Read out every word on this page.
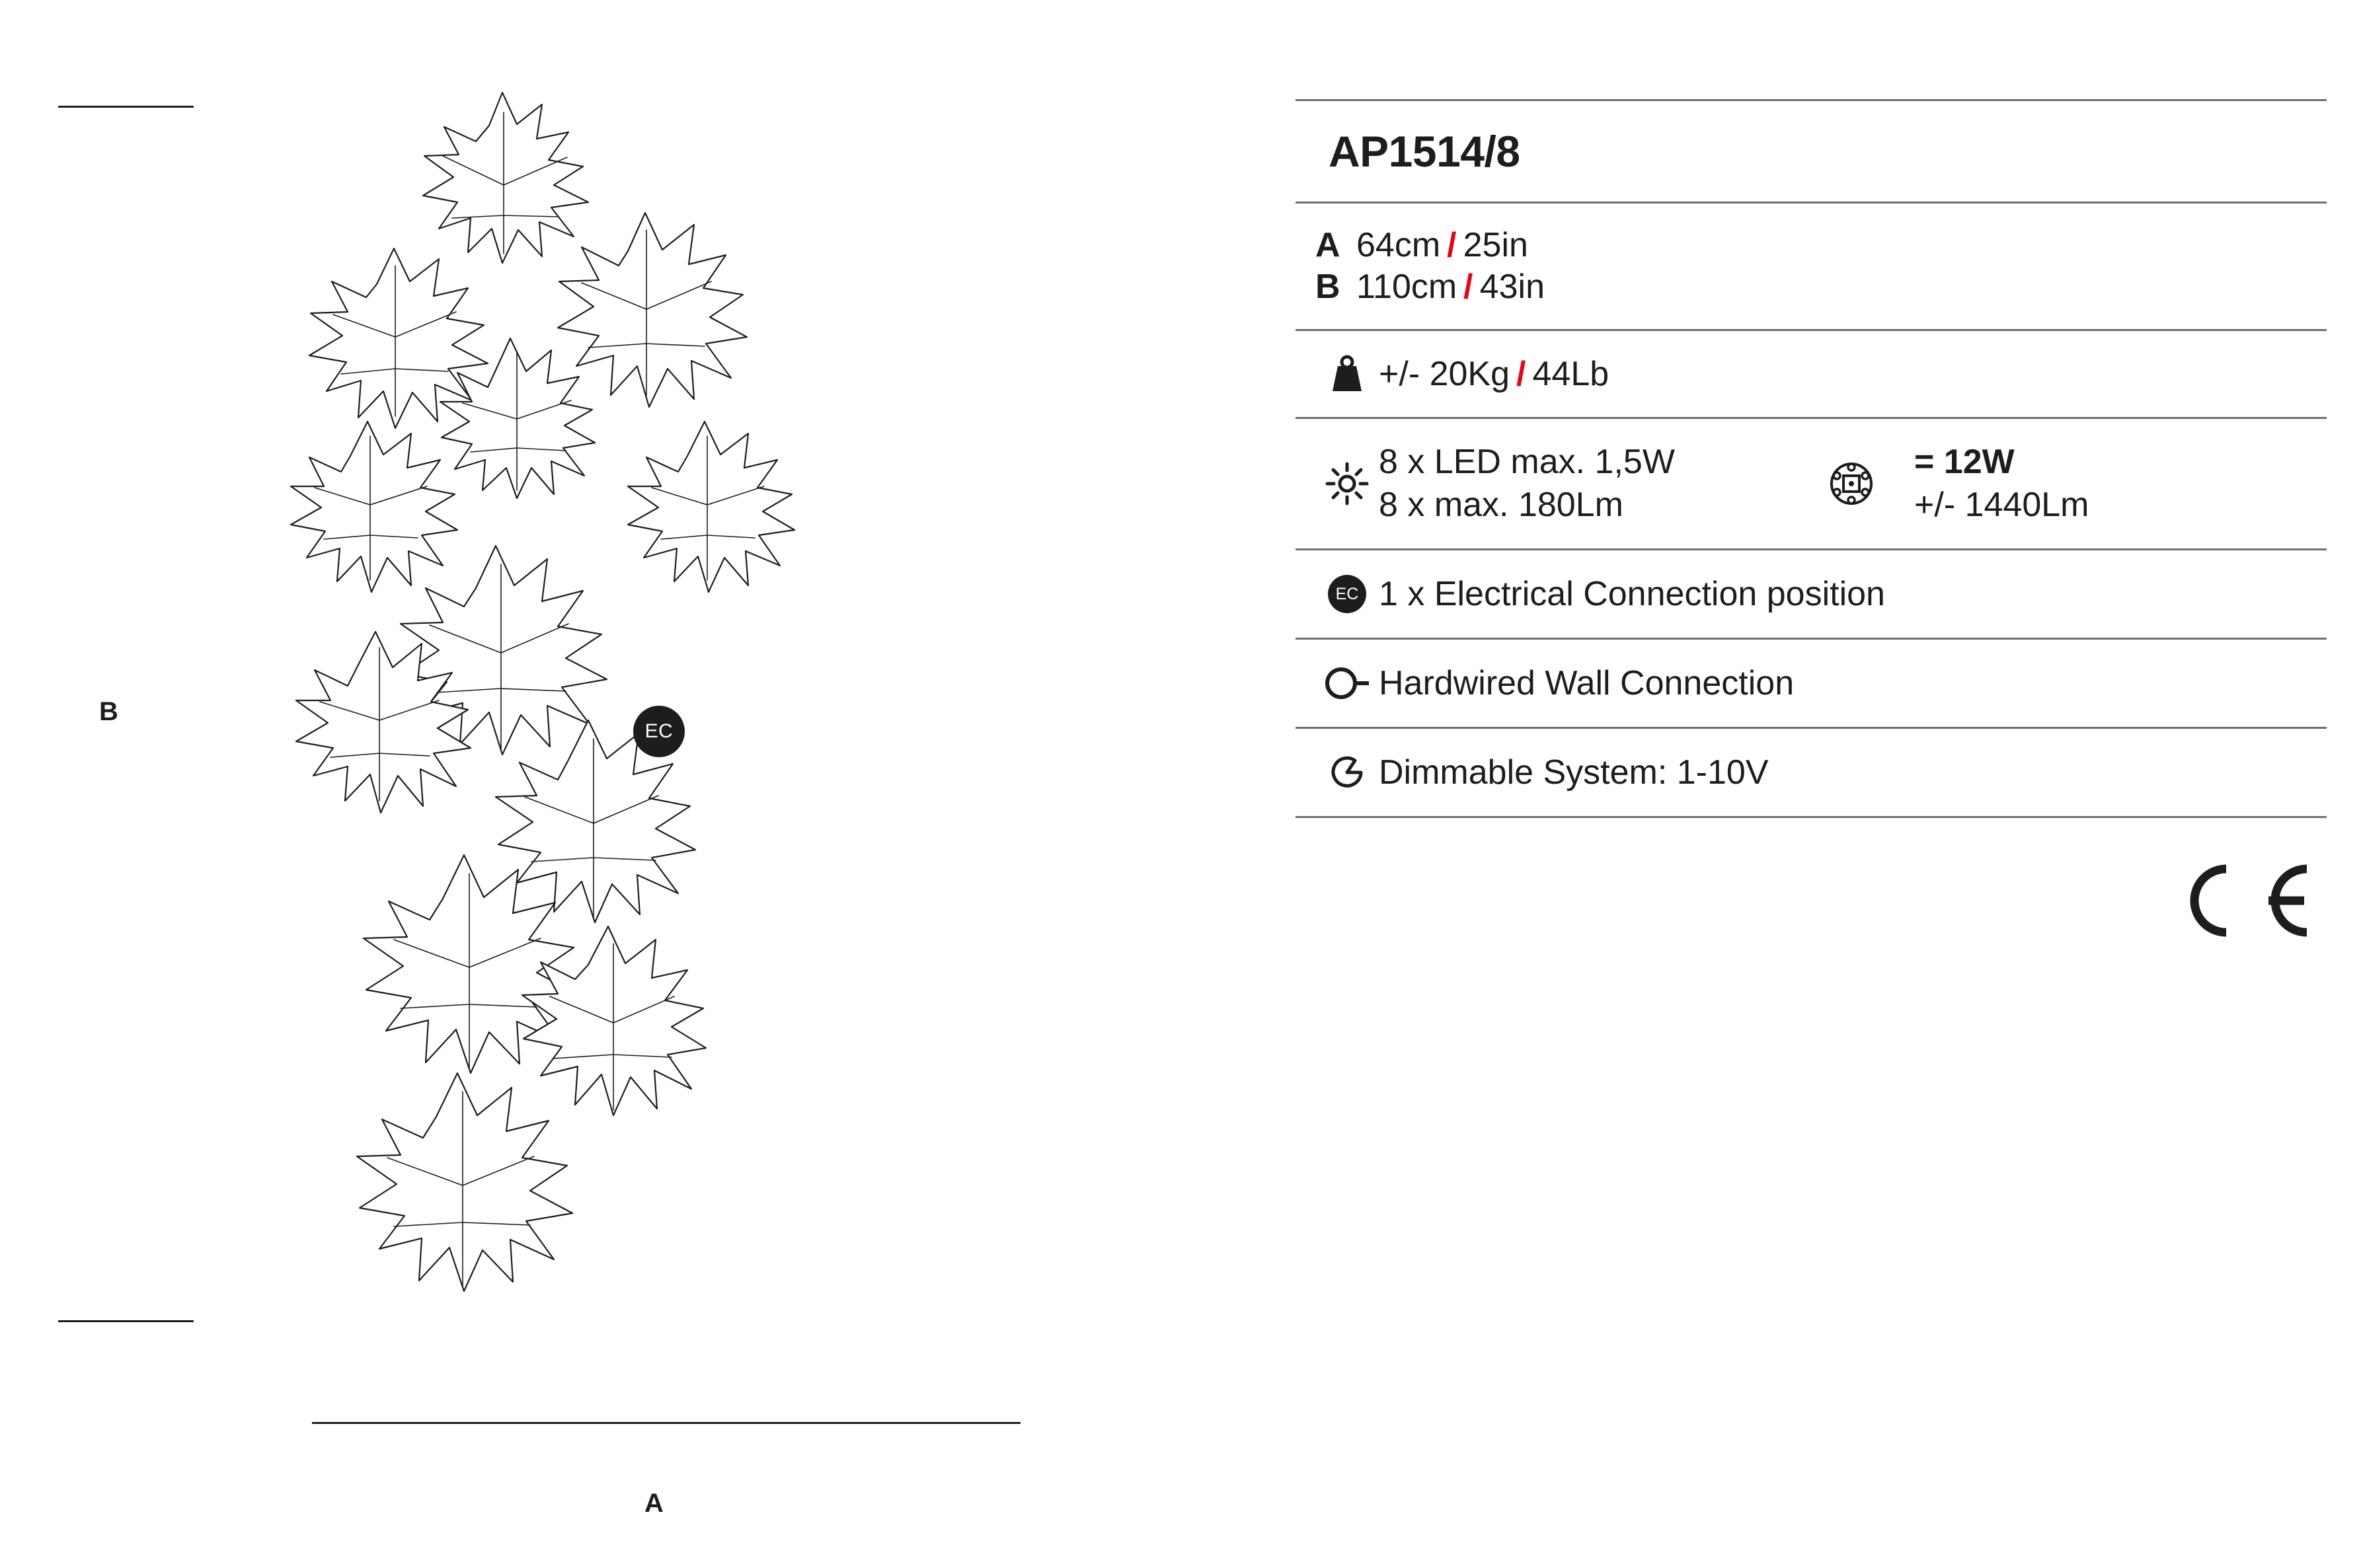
B
A
EC
AP1514/8
A 64cm \ 25in
B 110cm \ 43in
+/- 20Kg \ 44Lb
8 x LED max. 1,5W
8 x max. 180Lm
= 12W
+/- 1440Lm
EC 1 x Electrical Connection position
Hardwired Wall Connection
Dimmable System: 1-10V
